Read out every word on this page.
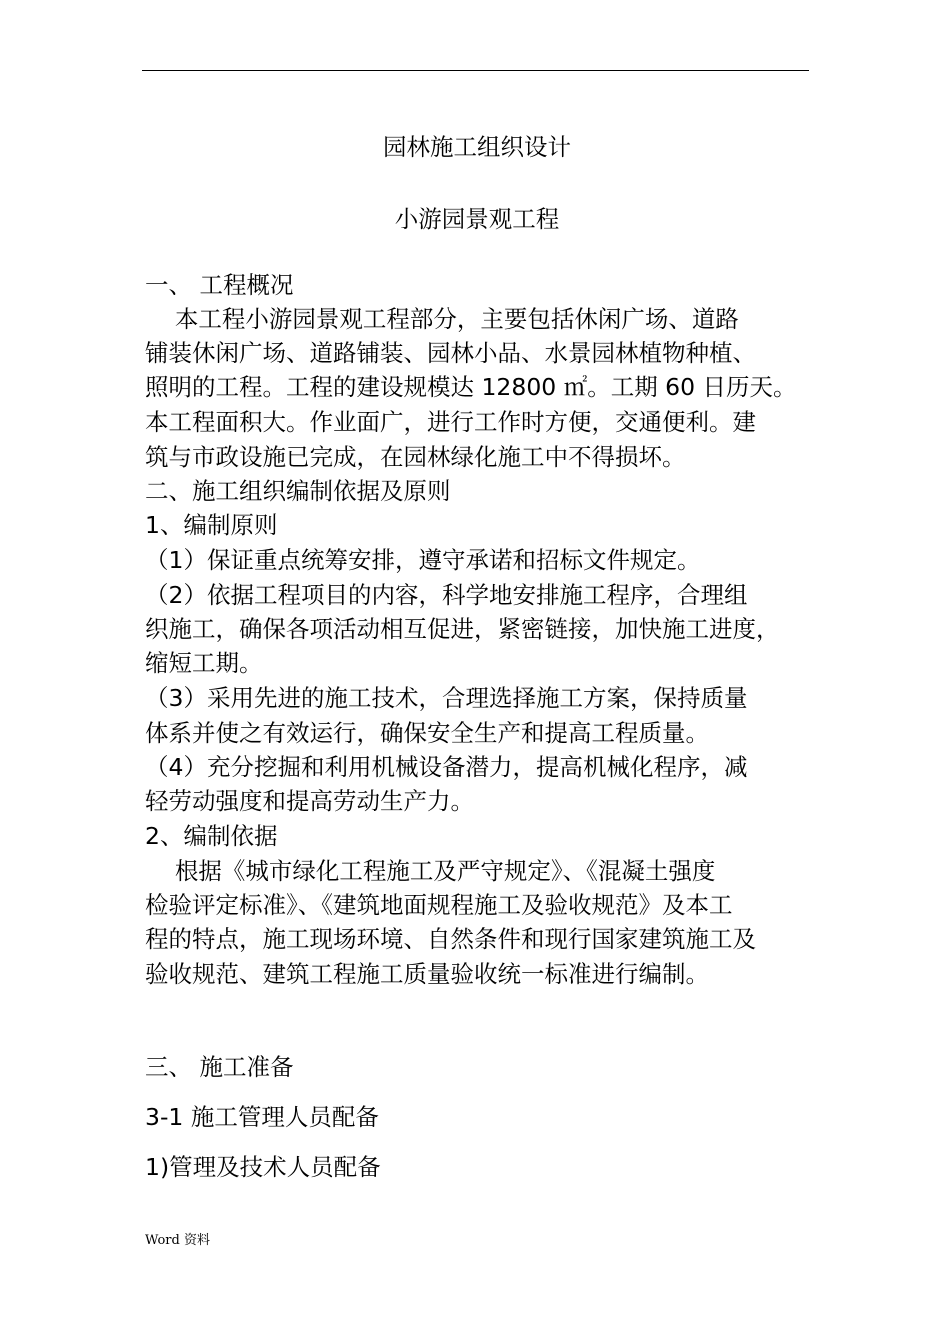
园林施工组织设计
小游园景观工程
一、 工程概况
本工程小游园景观工程部分，主要包括休闲广场、道路
铺装休闲广场、道路铺装、园林小品、水景园林植物种植、
照明的工程。工程的建设规模达 12800 ㎡。工期 60 日历天。
本工程面积大。作业面广，进行工作时方便，交通便利。建
筑与市政设施已完成，在园林绿化施工中不得损坏。
二、施工组织编制依据及原则
1、编制原则
（1）保证重点统筹安排，遵守承诺和招标文件规定。
（2）依据工程项目的内容，科学地安排施工程序，合理组
织施工，确保各项活动相互促进，紧密链接，加快施工进度，
缩短工期。
（3）采用先进的施工技术，合理选择施工方案，保持质量
体系并使之有效运行，确保安全生产和提高工程质量。
（4）充分挖掘和利用机械设备潜力，提高机械化程序，减
轻劳动强度和提高劳动生产力。
2、编制依据
根据《城市绿化工程施工及严守规定》、《混凝土强度
检验评定标准》、《建筑地面规程施工及验收规范》及本工
程的特点，施工现场环境、自然条件和现行国家建筑施工及
验收规范、建筑工程施工质量验收统一标准进行编制。
三、 施工准备
3-1 施工管理人员配备
1)管理及技术人员配备
Word 资料
